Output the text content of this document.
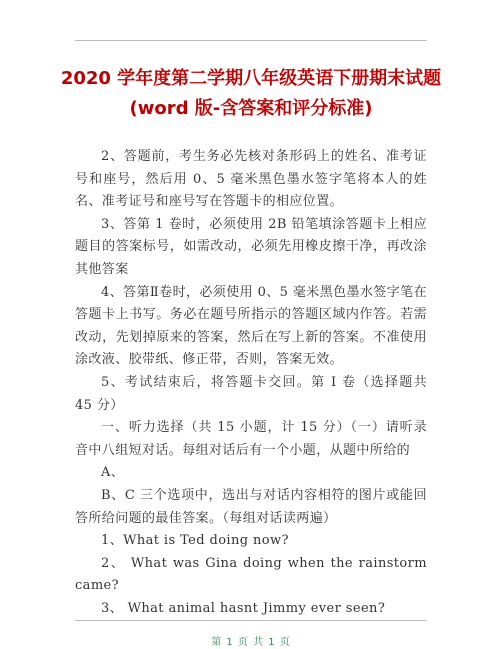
2020 学年度第二学期八年级英语下册期末试题(word 版-含答案和评分标准)

2、答题前，考生务必先核对条形码上的姓名、准考证号和座号，然后用 0、5 毫米黑色墨水签字笔将本人的姓名、准考证号和座号写在答题卡的相应位置。

3、答第 1 卷时，必须使用 2B 铅笔填涂答题卡上相应题目的答案标号，如需改动，必须先用橡皮擦干净，再改涂其他答案

4、答第Ⅱ卷时，必须使用 0、5 毫米黑色墨水签字笔在答题卡上书写。务必在题号所指示的答题区域内作答。若需改动，先划掉原来的答案，然后在写上新的答案。不准使用涂改液、胶带纸、修正带，否则，答案无效。

5、考试结束后，将答题卡交回。第 I 卷（选择题共 45 分）

一、听力选择（共 15 小题，计 15 分）（一）请听录音中八组短对话。每组对话后有一个小题，从题中所给的

A、

B、C 三个选项中，选出与对话内容相符的图片或能回答所给问题的最佳答案。（每组对话读两遍）

1、What is Ted doing now?

2、 What was Gina doing when the rainstorm came?

3、 What animal hasnt Jimmy ever seen?

第 1 页 共 1 页
